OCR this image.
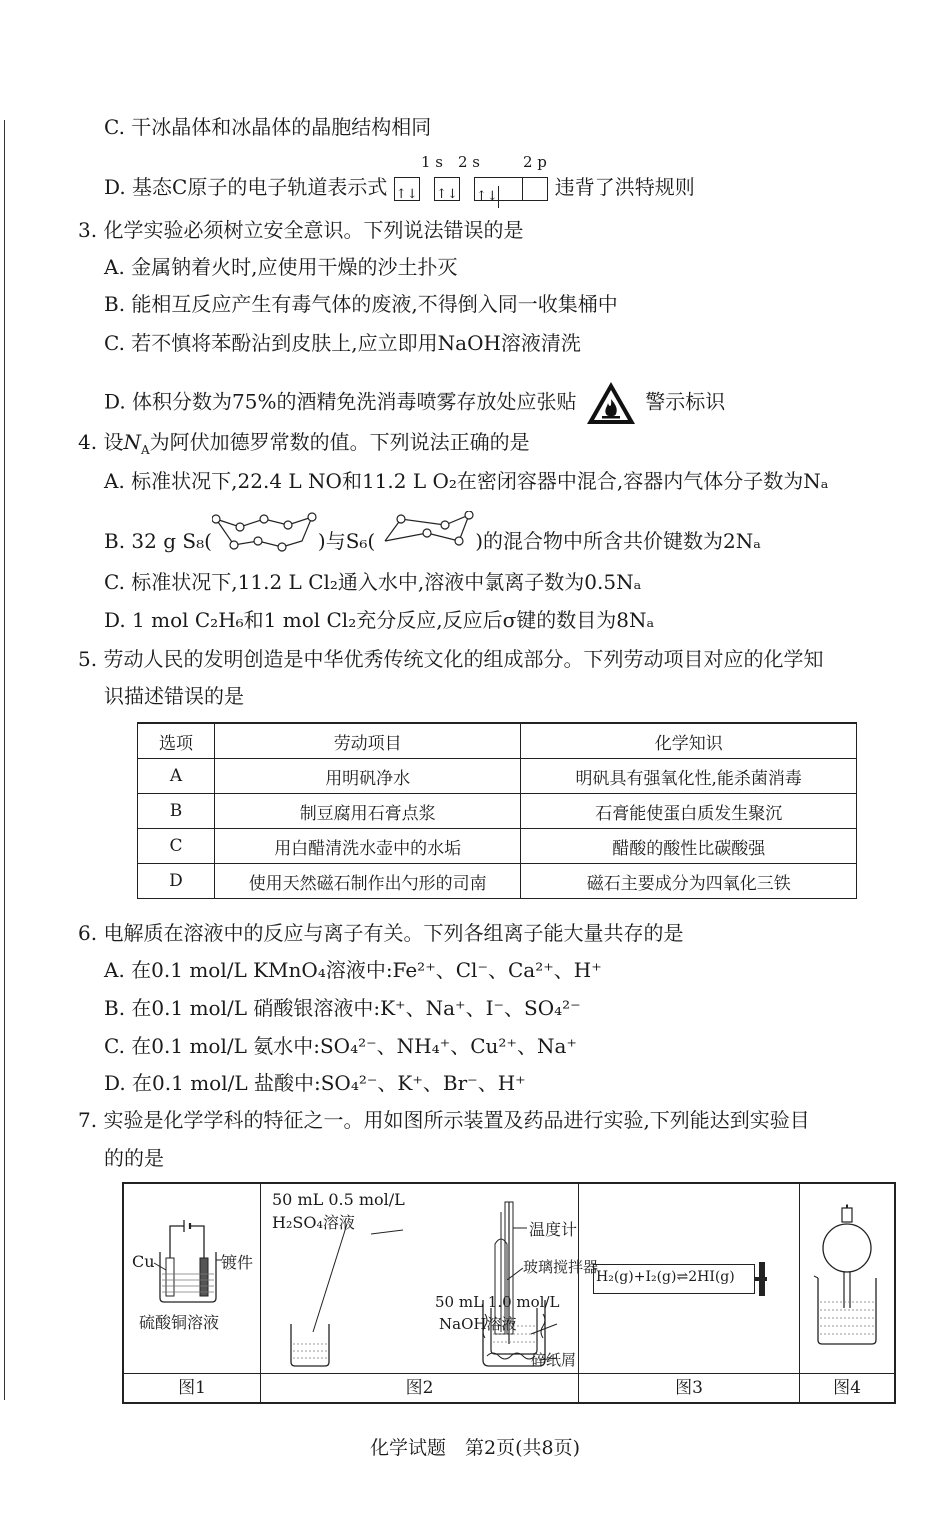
C. 干冰晶体和冰晶体的晶胞结构相同
1 s 2 s	2 p
D. 基态C原子的电子轨道表示式 ↑↓ ↑↓ ↑↓	违背了洪特规则
3. 化学实验必须树立安全意识。下列说法错误的是
A. 金属钠着火时,应使用干燥的沙土扑灭
B. 能相互反应产生有毒气体的废液,不得倒入同一收集桶中
C. 若不慎将苯酚沾到皮肤上,应立即用NaOH溶液清洗
D. 体积分数为75%的酒精免洗消毒喷雾存放处应张贴	警示标识
4. 设$N_A$为阿伏加德罗常数的值。下列说法正确的是
A. 标准状况下,22.4 L NO和11.2 L O₂在密闭容器中混合,容器内气体分子数为Nₐ
B. 32 g S₈(	)与S₆(	)的混合物中所含共价键数为2Nₐ
C. 标准状况下,11.2 L Cl₂通入水中,溶液中氯离子数为0.5Nₐ
D. 1 mol C₂H₆和1 mol Cl₂充分反应,反应后σ键的数目为8Nₐ
5. 劳动人民的发明创造是中华优秀传统文化的组成部分。下列劳动项目对应的化学知
识描述错误的是
选项	劳动项目	化学知识
A	用明矾净水	明矾具有强氧化性,能杀菌消毒
B	制豆腐用石膏点浆	石膏能使蛋白质发生聚沉
C	用白醋清洗水壶中的水垢	醋酸的酸性比碳酸强
D	使用天然磁石制作出勺形的司南	磁石主要成分为四氧化三铁
6. 电解质在溶液中的反应与离子有关。下列各组离子能大量共存的是
A. 在0.1 mol/L KMnO₄溶液中:Fe²⁺、Cl⁻、Ca²⁺、H⁺
B. 在0.1 mol/L 硝酸银溶液中:K⁺、Na⁺、I⁻、SO₄²⁻
C. 在0.1 mol/L 氨水中:SO₄²⁻、NH₄⁺、Cu²⁺、Na⁺
D. 在0.1 mol/L 盐酸中:SO₄²⁻、K⁺、Br⁻、H⁺
7. 实验是化学学科的特征之一。用如图所示装置及药品进行实验,下列能达到实验目
的的是
Cu	镀件
硫酸铜溶液
图1
50 mL 0.5 mol/L
H₂SO₄溶液	温度计
玻璃搅拌器
50 mL 1.0 mol/L
NaOH溶液
碎纸屑
图2
H₂(g)+I₂(g)⇌2HI(g)
图3	图4
化学试题　第2页(共8页)
